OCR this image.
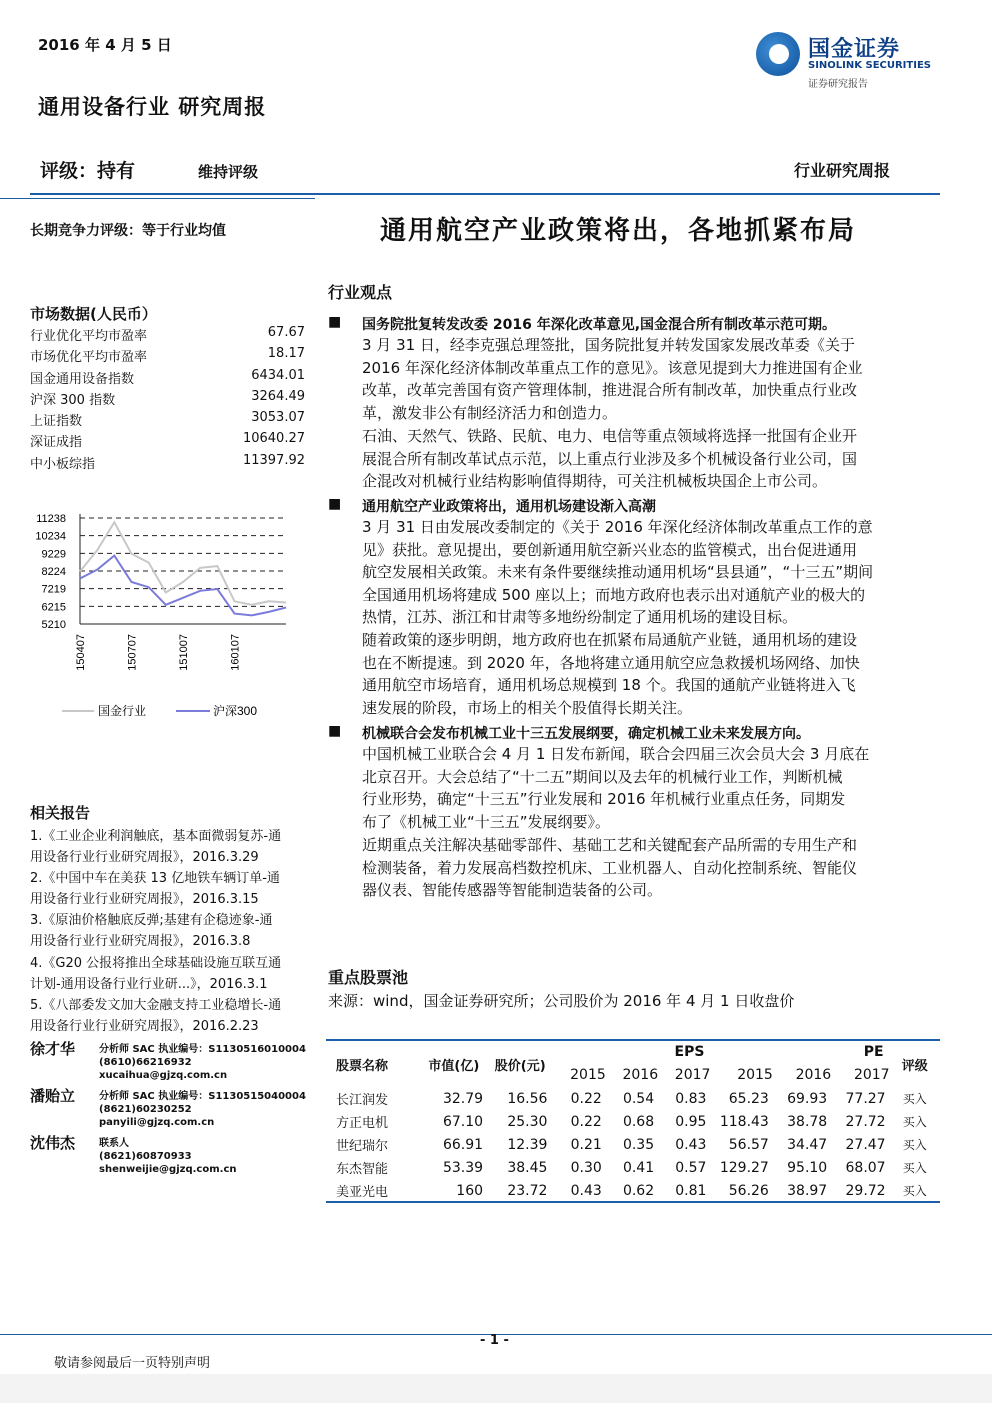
2016 年 4 月 5 日	国金证券
SINOLINK SECURITIES
证券研究报告
通用设备行业 研究周报
评级：持有	维持评级	行业研究周报
长期竞争力评级：等于行业均值	通用航空产业政策将出，各地抓紧布局
市场数据(人民币）
行业优化平均市盈率	67.67
市场优化平均市盈率	18.17
国金通用设备指数	6434.01
沪深 300 指数	3264.49
上证指数	3053.07
深证成指	10640.27
中小板综指	11397.92
11238
10234
9229
8224
7219
6215
5210
150407	150707	151007	160107
国金行业	沪深300
相关报告
1.《工业企业利润触底，基本面微弱复苏-通
用设备行业行业研究周报》，2016.3.29
2.《中国中车在美获 13 亿地铁车辆订单-通
用设备行业行业研究周报》，2016.3.15
3.《原油价格触底反弹;基建有企稳迹象-通
用设备行业行业研究周报》，2016.3.8
4.《G20 公报将推出全球基础设施互联互通
计划-通用设备行业行业研...》，2016.3.1
5.《八部委发文加大金融支持工业稳增长-通
用设备行业行业研究周报》，2016.2.23
徐才华 分析师 SAC 执业编号：S1130516010004
(8610)66216932
xucaihua@gjzq.com.cn
潘贻立 分析师 SAC 执业编号：S1130515040004
(8621)60230252
panyili@gjzq.com.cn
沈伟杰 联系人
(8621)60870933
shenweijie@gjzq.com.cn
行业观点
■ 国务院批复转发改委 2016 年深化改革意见,国金混合所有制改革示范可期。
3 月 31 日，经李克强总理签批，国务院批复并转发国家发展改革委《关于
2016 年深化经济体制改革重点工作的意见》。该意见提到大力推进国有企业
改革，改革完善国有资产管理体制，推进混合所有制改革，加快重点行业改
革，激发非公有制经济活力和创造力。
石油、天然气、铁路、民航、电力、电信等重点领域将选择一批国有企业开
展混合所有制改革试点示范，以上重点行业涉及多个机械设备行业公司，国
企混改对机械行业结构影响值得期待，可关注机械板块国企上市公司。
■ 通用航空产业政策将出，通用机场建设渐入高潮
3 月 31 日由发展改委制定的《关于 2016 年深化经济体制改革重点工作的意
见》获批。意见提出，要创新通用航空新兴业态的监管模式，出台促进通用
航空发展相关政策。未来有条件要继续推动通用机场“县县通”，“十三五”期间
全国通用机场将建成 500 座以上；而地方政府也表示出对通航产业的极大的
热情，江苏、浙江和甘肃等多地纷纷制定了通用机场的建设目标。
随着政策的逐步明朗，地方政府也在抓紧布局通航产业链，通用机场的建设
也在不断提速。到 2020 年，各地将建立通用航空应急救援机场网络、加快
通用航空市场培育，通用机场总规模到 18 个。我国的通航产业链将进入飞
速发展的阶段，市场上的相关个股值得长期关注。
■ 机械联合会发布机械工业十三五发展纲要，确定机械工业未来发展方向。
中国机械工业联合会 4 月 1 日发布新闻，联合会四届三次会员大会 3 月底在
北京召开。大会总结了“十二五”期间以及去年的机械行业工作，判断机械
行业形势，确定“十三五”行业发展和 2016 年机械行业重点任务，同期发
布了《机械工业“十三五”发展纲要》。
近期重点关注解决基础零部件、基础工艺和关键配套产品所需的专用生产和
检测装备，着力发展高档数控机床、工业机器人、自动化控制系统、智能仪
器仪表、智能传感器等智能制造装备的公司。
重点股票池
来源：wind，国金证券研究所；公司股价为 2016 年 4 月 1 日收盘价
股票名称	市值(亿)	股价(元)	EPS			PE			评级
			2015	2016	2017	2015	2016	2017	
长江润发	32.79	16.56	0.22	0.54	0.83	65.23	69.93	77.27	买入
方正电机	67.10	25.30	0.22	0.68	0.95	118.43	38.78	27.72	买入
世纪瑞尔	66.91	12.39	0.21	0.35	0.43	56.57	34.47	27.47	买入
东杰智能	53.39	38.45	0.30	0.41	0.57	129.27	95.10	68.07	买入
美亚光电	160	23.72	0.43	0.62	0.81	56.26	38.97	29.72	买入
- 1 -
敬请参阅最后一页特别声明
